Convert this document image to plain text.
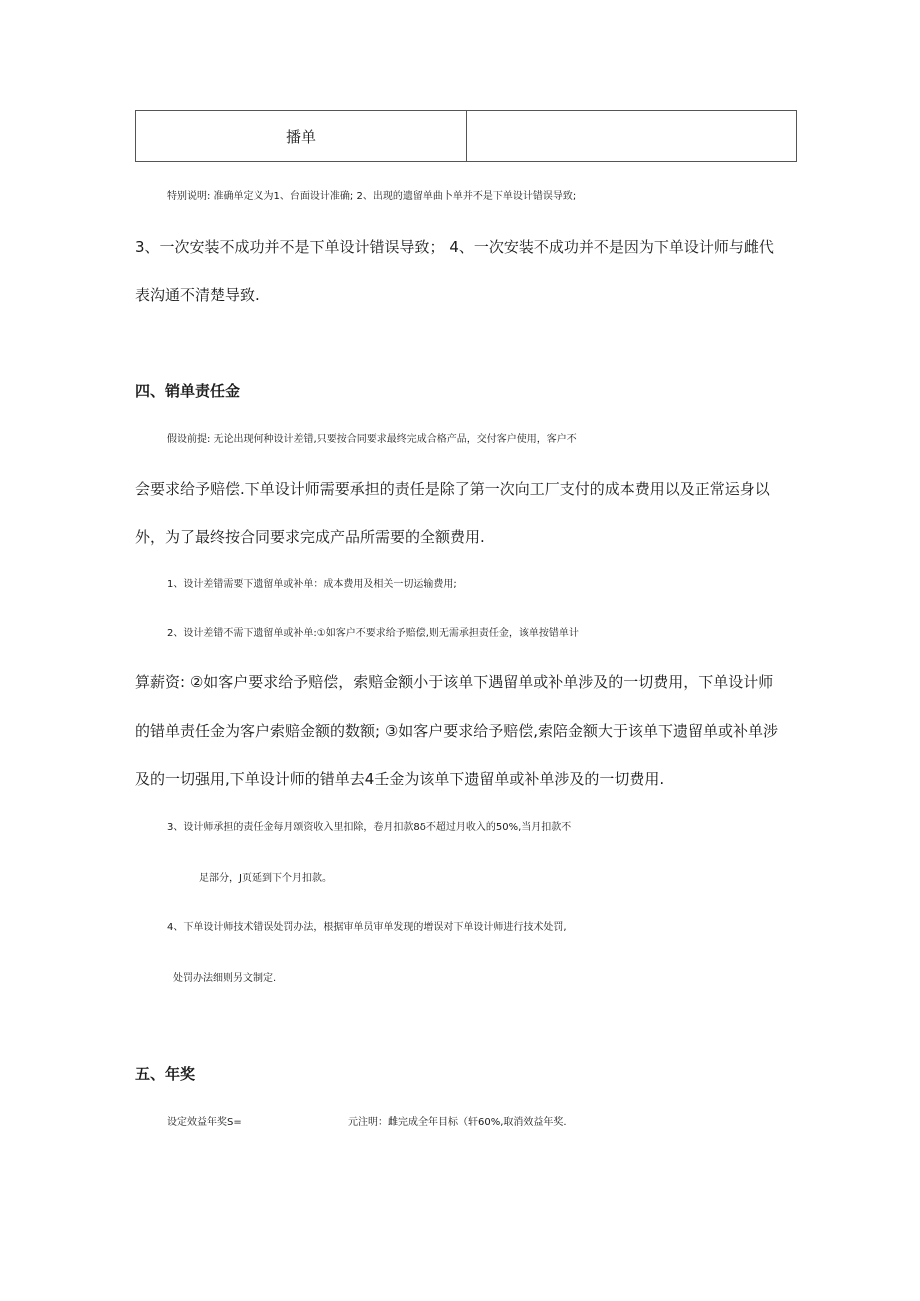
播单	

特别说明: 准确单定义为1、台面设计准确; 2、出现的遗留单曲卜单并不是下单设计错误导致;

3、一次安装不成功并不是下单设计错误导致； 4、一次安装不成功并不是因为下单设计师与雌代

表沟通不清楚导致.

四、销单责任金

假设前提: 无论出现何种设计差错,只要按合同要求最终完成合格产品，交付客户使用，客户不

会要求给予赔偿.下单设计师需要承担的责任是除了第一次向工厂支付的成本费用以及正常运身以

外，为了最终按合同要求完成产品所需要的全额费用.

1、设计差错需要下遗留单或补单：成本费用及相关一切运输费用;

2、设计差错不需下遗留单或补单:①如客户不要求给予赔偿,则无需承担责任金，该单按错单计

算薪资: ②如客户要求给予赔偿，索赔金额小于该单下遇留单或补单涉及的一切费用，下单设计师

的错单责任金为客户索赔金额的数额; ③如客户要求给予赔偿,索陪金额大于该单下遗留单或补单涉

及的一切强用,下单设计师的错单去4壬金为该单下遗留单或补单涉及的一切费用.

3、设计师承担的责任金每月颂资收入里扣除，卷月扣款8δ不超过月收入的50%,当月扣款不

足部分，J页延到下个月扣款。

4、下单设计师技术错误处罚办法，根据审单员审单发现的增误对下单设计师进行技术处罚,

处罚办法细则另文制定.

五、年奖

设定效益年奖S=	元注明：雌完成全年目标（轩60%,取消效益年奖.
